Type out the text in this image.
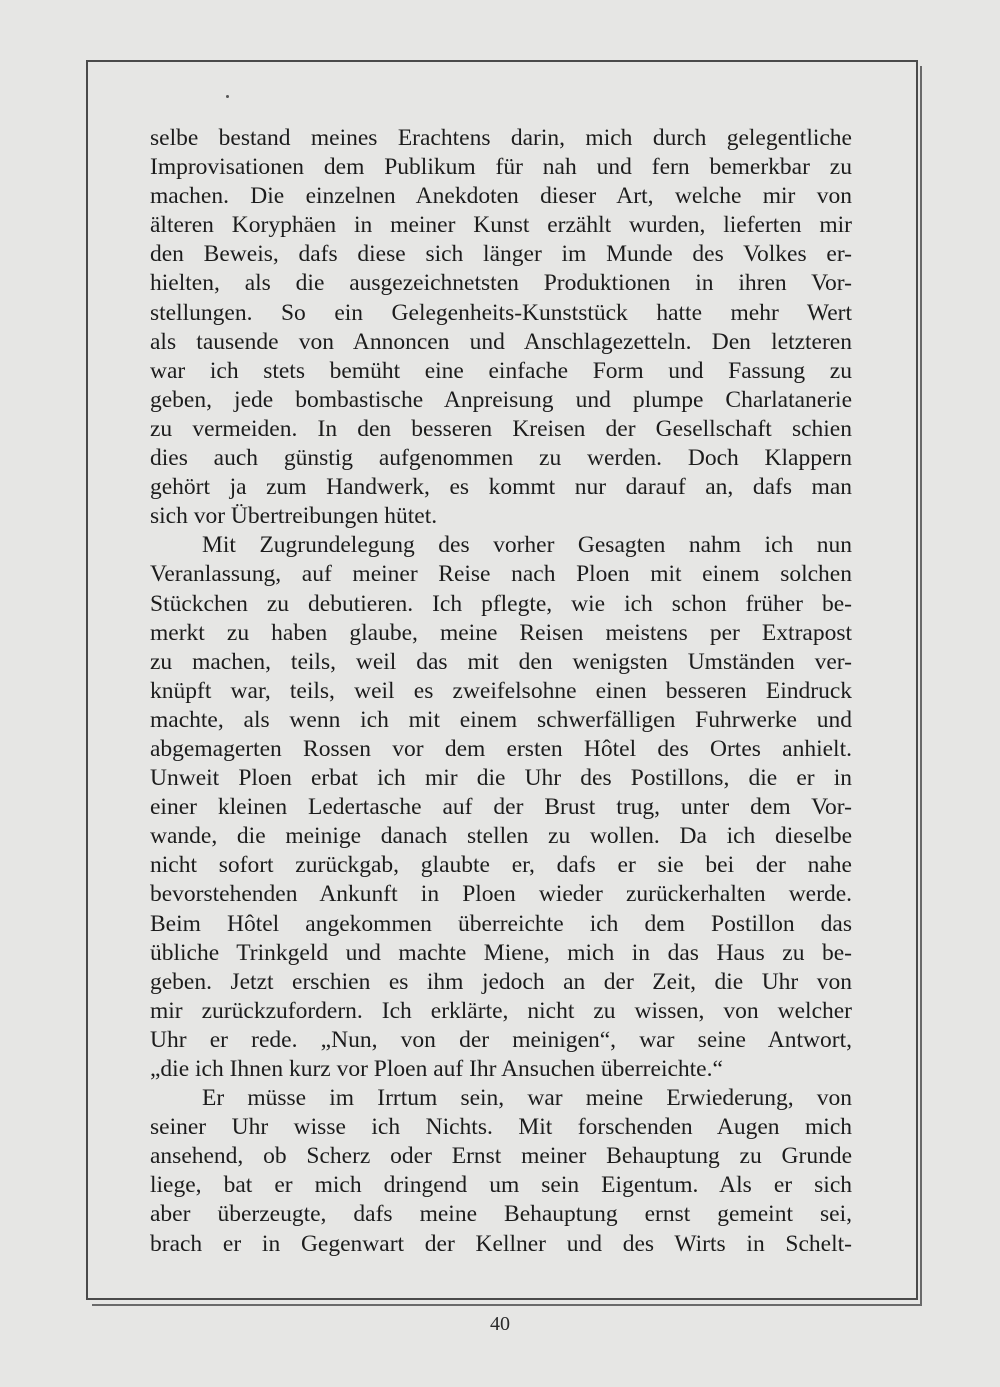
selbe bestand meines Erachtens darin, mich durch gelegentliche
Improvisationen dem Publikum für nah und fern bemerkbar zu
machen. Die einzelnen Anekdoten dieser Art, welche mir von
älteren Koryphäen in meiner Kunst erzählt wurden, lieferten mir
den Beweis, dafs diese sich länger im Munde des Volkes er-
hielten, als die ausgezeichnetsten Produktionen in ihren Vor-
stellungen. So ein Gelegenheits-Kunststück hatte mehr Wert
als tausende von Annoncen und Anschlagezetteln. Den letzteren
war ich stets bemüht eine einfache Form und Fassung zu
geben, jede bombastische Anpreisung und plumpe Charlatanerie
zu vermeiden. In den besseren Kreisen der Gesellschaft schien
dies auch günstig aufgenommen zu werden. Doch Klappern
gehört ja zum Handwerk, es kommt nur darauf an, dafs man
sich vor Übertreibungen hütet.
Mit Zugrundelegung des vorher Gesagten nahm ich nun
Veranlassung, auf meiner Reise nach Ploen mit einem solchen
Stückchen zu debutieren. Ich pflegte, wie ich schon früher be-
merkt zu haben glaube, meine Reisen meistens per Extrapost
zu machen, teils, weil das mit den wenigsten Umständen ver-
knüpft war, teils, weil es zweifelsohne einen besseren Eindruck
machte, als wenn ich mit einem schwerfälligen Fuhrwerke und
abgemagerten Rossen vor dem ersten Hôtel des Ortes anhielt.
Unweit Ploen erbat ich mir die Uhr des Postillons, die er in
einer kleinen Ledertasche auf der Brust trug, unter dem Vor-
wande, die meinige danach stellen zu wollen. Da ich dieselbe
nicht sofort zurückgab, glaubte er, dafs er sie bei der nahe
bevorstehenden Ankunft in Ploen wieder zurückerhalten werde.
Beim Hôtel angekommen überreichte ich dem Postillon das
übliche Trinkgeld und machte Miene, mich in das Haus zu be-
geben. Jetzt erschien es ihm jedoch an der Zeit, die Uhr von
mir zurückzufordern. Ich erklärte, nicht zu wissen, von welcher
Uhr er rede. „Nun, von der meinigen“, war seine Antwort,
„die ich Ihnen kurz vor Ploen auf Ihr Ansuchen überreichte.“
Er müsse im Irrtum sein, war meine Erwiederung, von
seiner Uhr wisse ich Nichts. Mit forschenden Augen mich
ansehend, ob Scherz oder Ernst meiner Behauptung zu Grunde
liege, bat er mich dringend um sein Eigentum. Als er sich
aber überzeugte, dafs meine Behauptung ernst gemeint sei,
brach er in Gegenwart der Kellner und des Wirts in Schelt-
40
